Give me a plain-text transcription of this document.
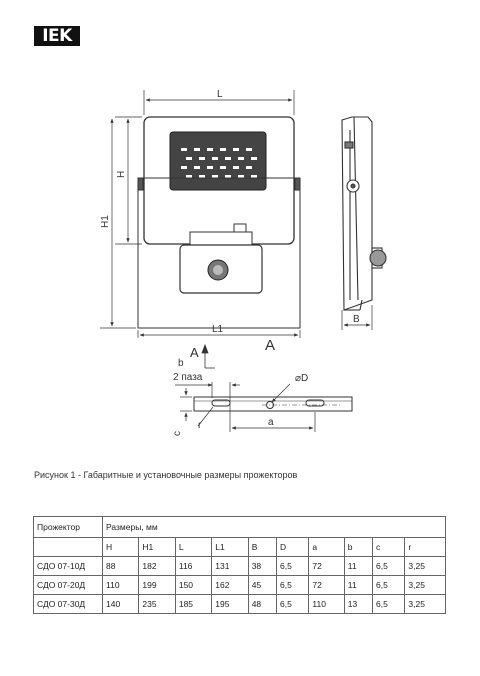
IEK
L
L1
H
H1
B
A	A
b
2 паза	⌀D
c
r	a
Рисунок 1 - Габаритные и установочные размеры прожекторов
Прожектор	Размеры, мм									
	H	H1	L	L1	B	D	a	b	c	r
СДО 07-10Д	88	182	116	131	38	6,5	72	11	6,5	3,25
СДО 07-20Д	110	199	150	162	45	6,5	72	11	6,5	3,25
СДО 07-30Д	140	235	185	195	48	6,5	110	13	6,5	3,25
